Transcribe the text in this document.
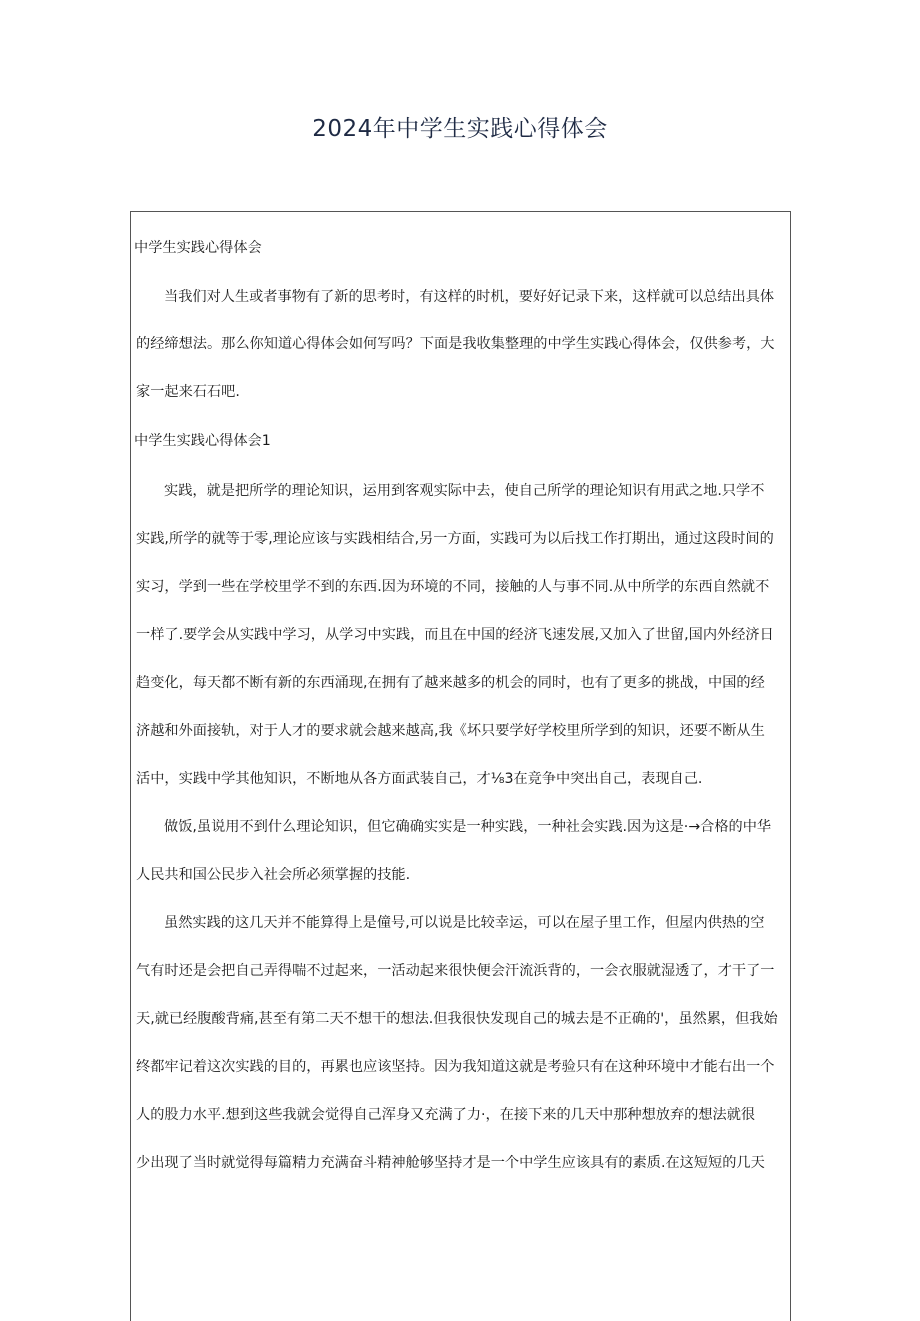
2024年中学生实践心得体会

中学生实践心得体会

当我们对人生或者事物有了新的思考时，有这样的时机，要好好记录下来，这样就可以总结出具体

的经缔想法。那么你知道心得体会如何写吗？下面是我收集整理的中学生实践心得体会，仅供参考，大

家一起来石石吧.

中学生实践心得体会1

实践，就是把所学的理论知识，运用到客观实际中去，使自己所学的理论知识有用武之地.只学不

实践,所学的就等于零,理论应该与实践相结合,另一方面，实践可为以后找工作打期出，通过这段时间的

实习，学到一些在学校里学不到的东西.因为环境的不同，接触的人与事不同.从中所学的东西自然就不

一样了.要学会从实践中学习，从学习中实践，而且在中国的经济飞速发展,又加入了世留,国内外经济日

趋变化，每天都不断有新的东西涌现,在拥有了越来越多的机会的同时，也有了更多的挑战，中国的经

济越和外面接轨，对于人才的要求就会越来越高,我《坏只要学好学校里所学到的知识，还要不断从生

活中，实践中学其他知识，不断地从各方面武装自己，才⅛3在竞争中突出自己，表现自己.

做饭,虽说用不到什么理论知识，但它确确实实是一种实践，一种社会实践.因为这是·→合格的中华

人民共和国公民步入社会所必须掌握的技能.

虽然实践的这几天并不能算得上是僮号,可以说是比较幸运，可以在屋子里工作，但屋内供热的空

气有时还是会把自己弄得喘不过起来，一活动起来很快便会汗流浜背的，一会衣服就湿透了，才干了一

天,就已经腹酸背痛,甚至有第二天不想干的想法.但我很快发现自己的城去是不正确的'，虽然累，但我始

终都牢记着这次实践的目的，再累也应该坚持。因为我知道这就是考验只有在这种环境中才能右出一个

人的股力水平.想到这些我就会觉得自己浑身又充满了力·，在接下来的几天中那种想放弃的想法就很

少出现了当时就觉得每篇精力充满奋斗精神舱够坚持才是一个中学生应该具有的素质.在这短短的几天
